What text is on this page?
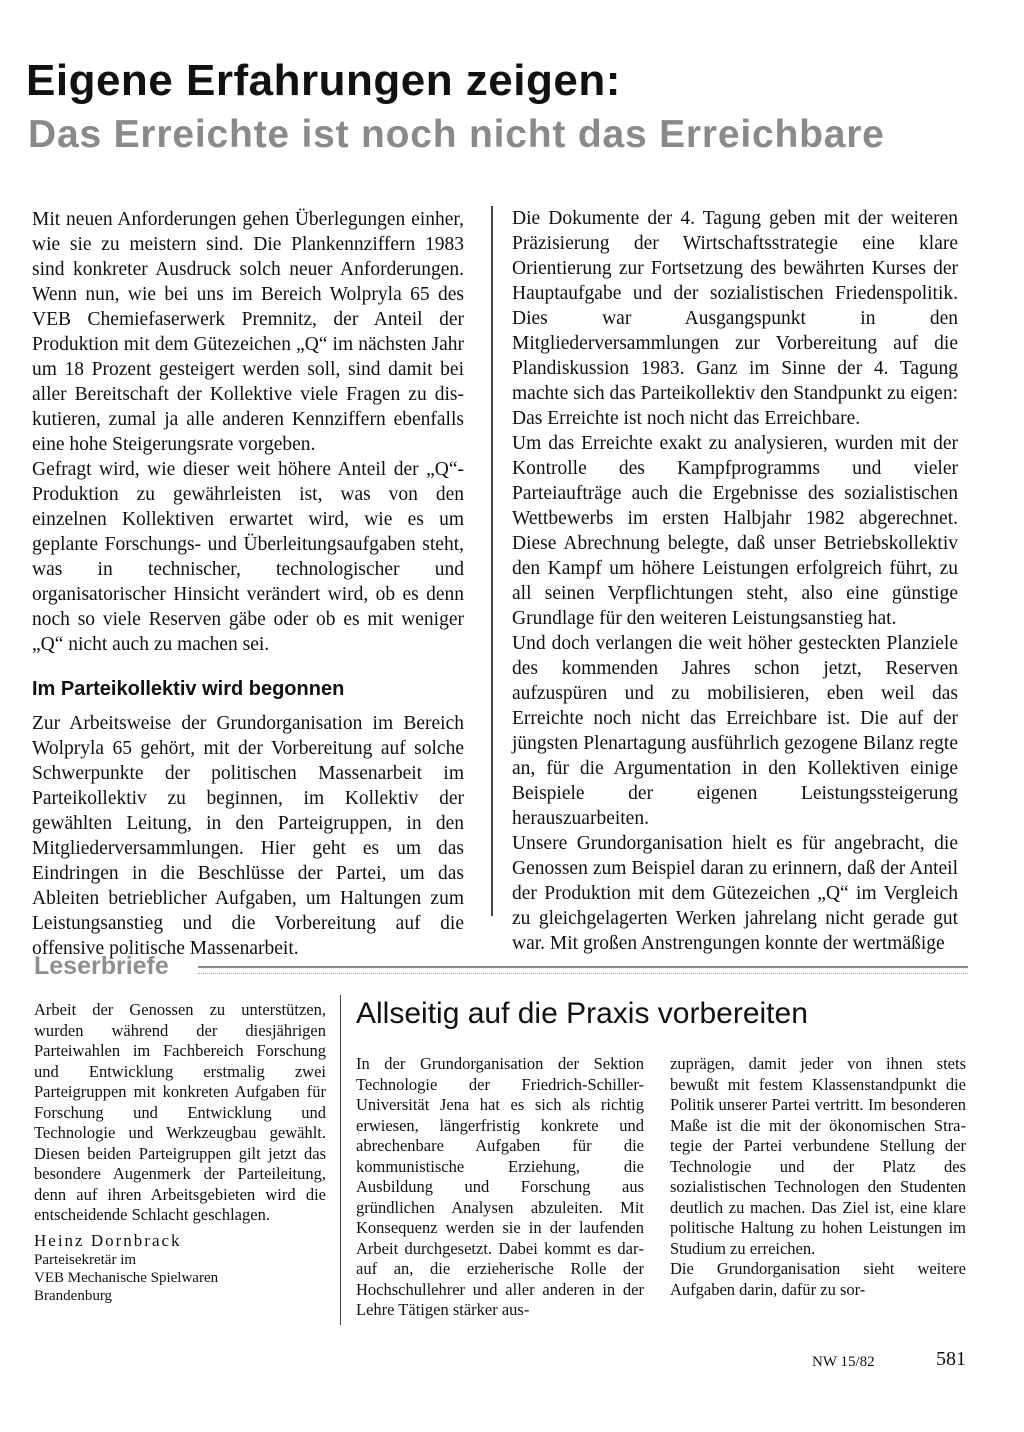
Eigene Erfahrungen zeigen:
Das Erreichte ist noch nicht das Erreichbare

Mit neuen Anforderungen gehen Überlegungen einher, wie sie zu meistern sind. Die Plankennziffern 1983 sind konkreter Ausdruck solch neuer Anforderungen. Wenn nun, wie bei uns im Bereich Wolpryla 65 des VEB Chemiefaserwerk Premnitz, der Anteil der Produktion mit dem Gütezeichen „Q“ im nächsten Jahr um 18 Prozent gesteigert werden soll, sind damit bei aller Bereitschaft der Kollektive viele Fragen zu diskutieren, zumal ja alle anderen Kennziffern ebenfalls eine hohe Steigerungsrate vorgeben.

Gefragt wird, wie dieser weit höhere Anteil der „Q“-Produktion zu gewährleisten ist, was von den einzelnen Kollektiven erwartet wird, wie es um geplante Forschungs- und Überleitungsaufgaben steht, was in technischer, technologischer und organisatorischer Hinsicht verändert wird, ob es denn noch so viele Reserven gäbe oder ob es mit weniger „Q“ nicht auch zu machen sei.

Im Parteikollektiv wird begonnen

Zur Arbeitsweise der Grundorganisation im Bereich Wolpryla 65 gehört, mit der Vorbereitung auf solche Schwerpunkte der politischen Massenarbeit im Parteikollektiv zu beginnen, im Kollektiv der gewählten Leitung, in den Parteigruppen, in den Mitgliederversammlungen. Hier geht es um das Eindringen in die Beschlüsse der Partei, um das Ableiten betrieblicher Aufgaben, um Haltungen zum Leistungsanstieg und die Vorbereitung auf die offensive politische Massenarbeit.

Die Dokumente der 4. Tagung geben mit der weiteren Präzisierung der Wirtschaftsstrategie eine klare Orientierung zur Fortsetzung des bewährten Kurses der Hauptaufgabe und der sozialistischen Friedenspolitik. Dies war Ausgangspunkt in den Mitgliederversammlungen zur Vorbereitung auf die Plandiskussion 1983. Ganz im Sinne der 4. Tagung machte sich das Parteikollektiv den Standpunkt zu eigen: Das Erreichte ist noch nicht das Erreichbare.

Um das Erreichte exakt zu analysieren, wurden mit der Kontrolle des Kampfprogramms und vieler Parteiaufträge auch die Ergebnisse des sozialistischen Wettbewerbs im ersten Halbjahr 1982 abgerechnet. Diese Abrechnung belegte, daß unser Betriebskollektiv den Kampf um höhere Leistungen erfolgreich führt, zu all seinen Verpflichtungen steht, also eine günstige Grundlage für den weiteren Leistungsanstieg hat.

Und doch verlangen die weit höher gesteckten Planziele des kommenden Jahres schon jetzt, Reserven aufzuspüren und zu mobilisieren, eben weil das Erreichte noch nicht das Erreichbare ist. Die auf der jüngsten Plenartagung ausführlich gezogene Bilanz regte an, für die Argumentation in den Kollektiven einige Beispiele der eigenen Leistungssteigerung herauszuarbeiten.

Unsere Grundorganisation hielt es für angebracht, die Genossen zum Beispiel daran zu erinnern, daß der Anteil der Produktion mit dem Gütezeichen „Q“ im Vergleich zu gleichgelagerten Werken jahrelang nicht gerade gut war. Mit großen Anstrengungen konnte der wertmäßige

Leserbriefe

Arbeit der Genossen zu unterstützen, wurden während der diesjährigen Parteiwahlen im Fachbereich Forschung und Entwicklung erstmalig zwei Parteigruppen mit konkreten Aufgaben für Forschung und Entwicklung und Technologie und Werkzeugbau gewählt. Diesen beiden Parteigruppen gilt jetzt das besondere Augenmerk der Parteileitung, denn auf ihren Arbeitsgebieten wird die entscheidende Schlacht geschlagen.

Heinz Dornbrack

Parteisekretär im

VEB Mechanische Spielwaren

Brandenburg

Allseitig auf die Praxis vorbereiten

In der Grundorganisation der Sektion Technologie der Friedrich-Schiller-Universität Jena hat es sich als richtig erwiesen, längerfristig konkrete und abrechenbare Aufgaben für die kommunistische Erziehung, die Ausbildung und Forschung aus gründlichen Analysen abzuleiten. Mit Konsequenz werden sie in der laufenden Arbeit durchgesetzt. Dabei kommt es darauf an, die erzieherische Rolle der Hochschullehrer und aller anderen in der Lehre Tätigen stärker aus-

zuprägen, damit jeder von ihnen stets bewußt mit festem Klassenstandpunkt die Politik unserer Partei vertritt. Im besonderen Maße ist die mit der ökonomischen Strategie der Partei verbundene Stellung der Technologie und der Platz des sozialistischen Technologen den Studenten deutlich zu machen. Das Ziel ist, eine klare politische Haltung zu hohen Leistungen im Studium zu erreichen.

Die Grundorganisation sieht weitere Aufgaben darin, dafür zu sor-

NW 15/82	581
